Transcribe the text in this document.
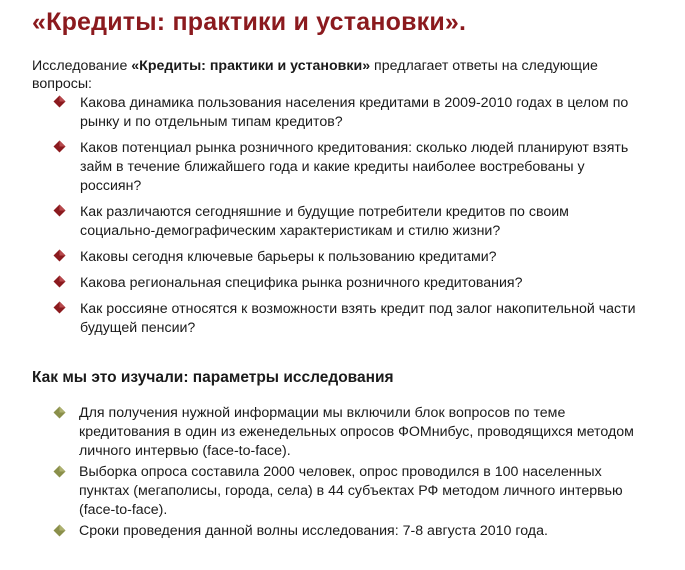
«Кредиты: практики и установки».
Исследование «Кредиты: практики и установки» предлагает ответы на следующие вопросы:
Какова динамика пользования населения кредитами в 2009-2010 годах в целом по рынку и по отдельным типам кредитов?
Каков потенциал рынка розничного кредитования: сколько людей планируют взять займ в течение ближайшего года и какие кредиты наиболее востребованы у россиян?
Как различаются сегодняшние и будущие потребители кредитов по своим социально-демографическим характеристикам и стилю жизни?
Каковы сегодня ключевые барьеры к пользованию кредитами?
Какова региональная специфика рынка розничного кредитования?
Как россияне относятся к возможности взять кредит под залог накопительной части будущей пенсии?
Как мы это изучали: параметры исследования
Для получения нужной информации мы включили блок вопросов по теме кредитования в один из еженедельных опросов ФОМнибус, проводящихся методом личного интервью (face-to-face).
Выборка опроса составила 2000 человек, опрос проводился в 100 населенных пунктах (мегаполисы, города, села) в 44 субъектах РФ методом личного интервью (face-to-face).
Сроки проведения данной волны исследования: 7-8 августа 2010 года.
